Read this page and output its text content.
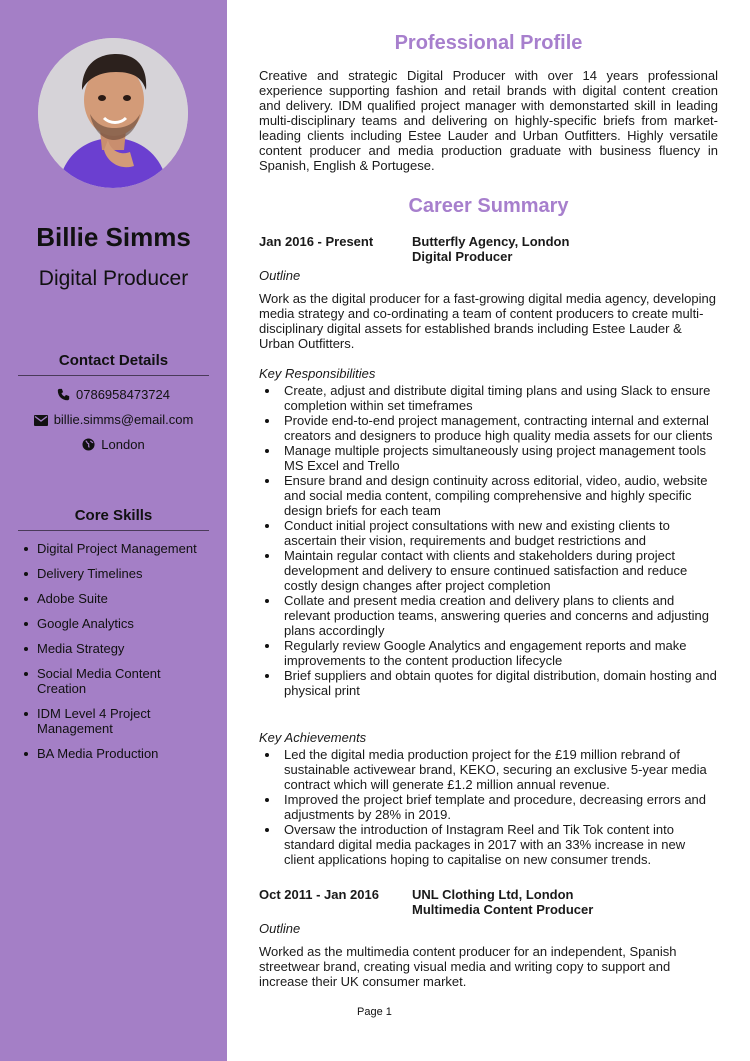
Billie Simms
Digital Producer
Contact Details
0786958473724
billie.simms@email.com
London
Core Skills
Digital Project Management
Delivery Timelines
Adobe Suite
Google Analytics
Media Strategy
Social Media Content Creation
IDM Level 4 Project Management
BA Media Production
Professional Profile

Creative and strategic Digital Producer with over 14 years professional experience supporting fashion and retail brands with digital content creation and delivery. IDM qualified project manager with demonstarted skill in leading multi-disciplinary teams and delivering on highly-specific briefs from market-leading clients including Estee Lauder and Urban Outfitters. Highly versatile content producer and media production graduate with business fluency in Spanish, English & Portugese.

Career Summary
Jan 2016 - Present	Butterfly Agency, London
Digital Producer
Outline

Work as the digital producer for a fast-growing digital media agency, developing media strategy and co-ordinating a team of content producers to create multi-disciplinary digital assets for established brands including Estee Lauder & Urban Outfitters.

Key Responsibilities
Create, adjust and distribute digital timing plans and using Slack to ensure completion within set timeframes
Provide end-to-end project management, contracting internal and external creators and designers to produce high quality media assets for our clients
Manage multiple projects simultaneously using project management tools MS Excel and Trello
Ensure brand and design continuity across editorial, video, audio, website and social media content, compiling comprehensive and highly specific design briefs for each team
Conduct initial project consultations with new and existing clients to ascertain their vision, requirements and budget restrictions and
Maintain regular contact with clients and stakeholders during project development and delivery to ensure continued satisfaction and reduce costly design changes after project completion
Collate and present media creation and delivery plans to clients and relevant production teams, answering queries and concerns and adjusting plans accordingly
Regularly review Google Analytics and engagement reports and make improvements to the content production lifecycle
Brief suppliers and obtain quotes for digital distribution, domain hosting and physical print
Key Achievements
Led the digital media production project for the £19 million rebrand of sustainable activewear brand, KEKO, securing an exclusive 5-year media contract which will generate £1.2 million annual revenue.
Improved the project brief template and procedure, decreasing errors and adjustments by 28% in 2019.
Oversaw the introduction of Instagram Reel and Tik Tok content into standard digital media packages in 2017 with an 33% increase in new client applications hoping to capitalise on new consumer trends.
Oct 2011 - Jan 2016	UNL Clothing Ltd, London
Multimedia Content Producer
Outline

Worked as the multimedia content producer for an independent, Spanish streetwear brand, creating visual media and writing copy to support and increase their UK consumer market.

Page 1
